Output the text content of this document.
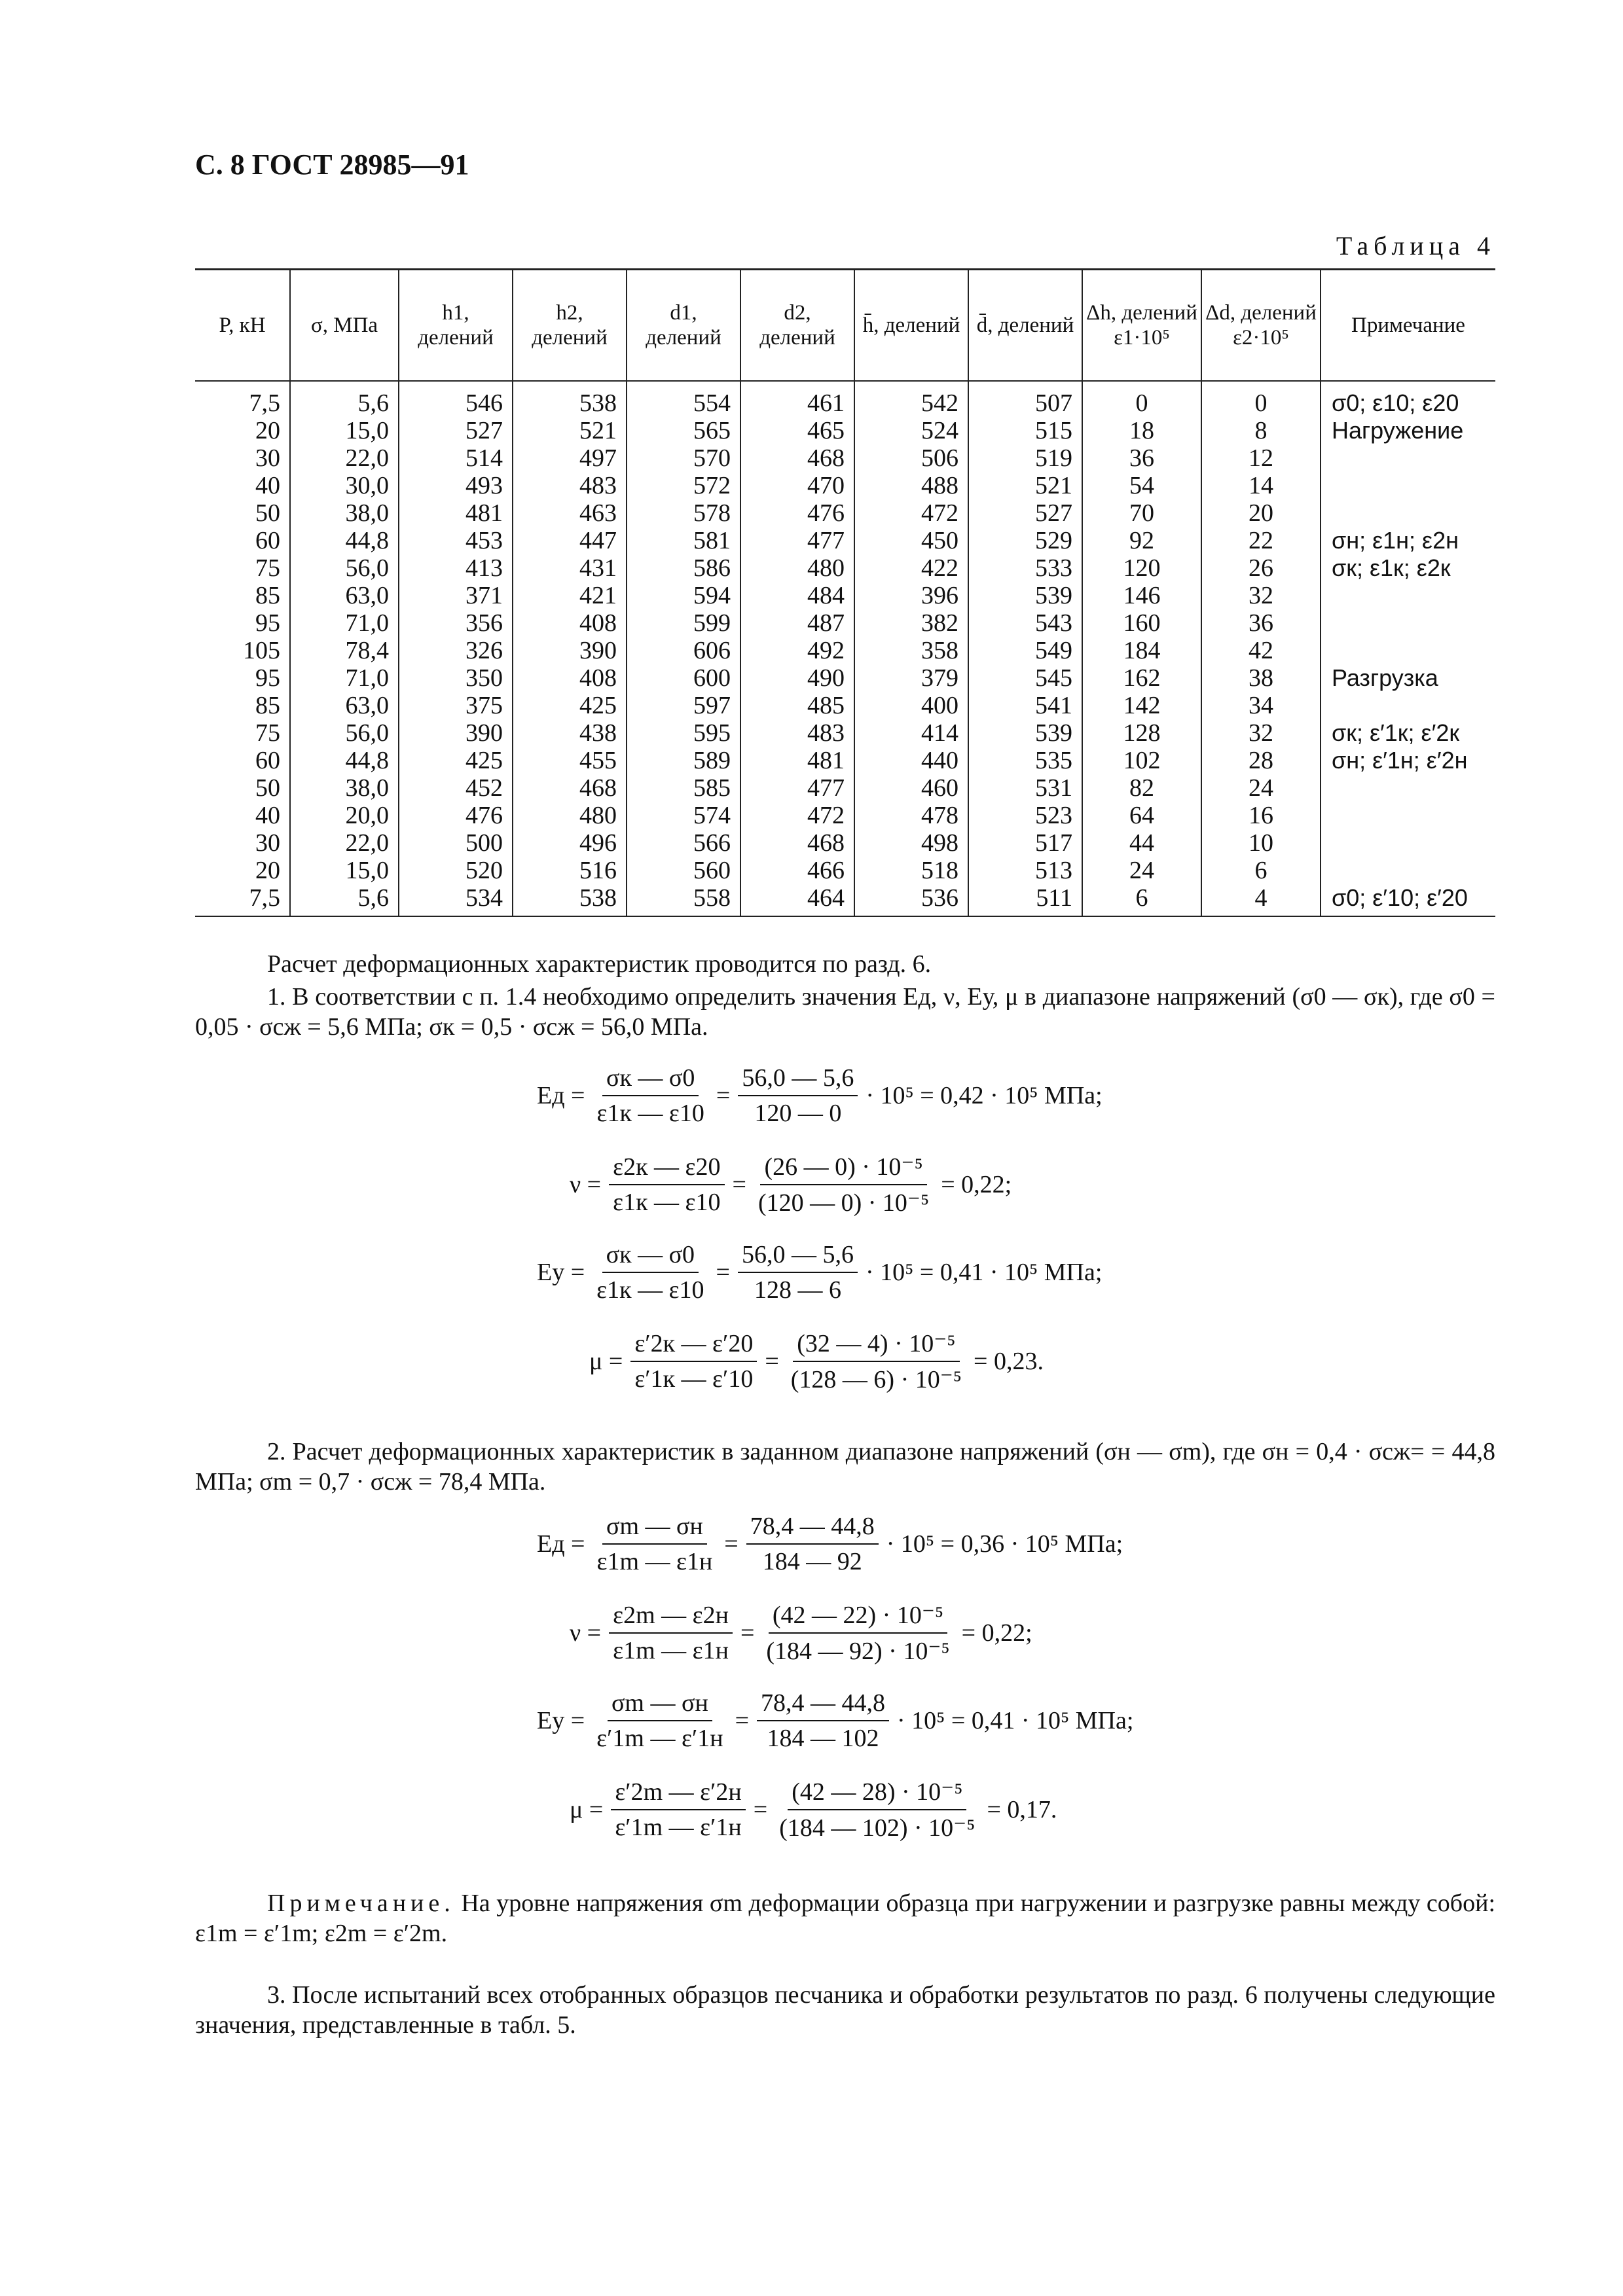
С. 8 ГОСТ 28985—91
Таблица 4
P, кН	σ, МПа	h1, делений	h2, делений	d1, делений	d2, делений	h̄, делений	d̄, делений	Δh, делений ε1·10⁵	Δd, делений ε2·10⁵	Примечание
7,5	5,6	546	538	554	461	542	507	0	0	σ0; ε10; ε20
20	15,0	527	521	565	465	524	515	18	8	Нагружение
30	22,0	514	497	570	468	506	519	36	12	
40	30,0	493	483	572	470	488	521	54	14	
50	38,0	481	463	578	476	472	527	70	20	
60	44,8	453	447	581	477	450	529	92	22	σн; ε1н; ε2н
75	56,0	413	431	586	480	422	533	120	26	σк; ε1к; ε2к
85	63,0	371	421	594	484	396	539	146	32	
95	71,0	356	408	599	487	382	543	160	36	
105	78,4	326	390	606	492	358	549	184	42	
95	71,0	350	408	600	490	379	545	162	38	Разгрузка
85	63,0	375	425	597	485	400	541	142	34	
75	56,0	390	438	595	483	414	539	128	32	σк; ε′1к; ε′2к
60	44,8	425	455	589	481	440	535	102	28	σн; ε′1н; ε′2н
50	38,0	452	468	585	477	460	531	82	24	
40	20,0	476	480	574	472	478	523	64	16	
30	22,0	500	496	566	468	498	517	44	10	
20	15,0	520	516	560	466	518	513	24	6	
7,5	5,6	534	538	558	464	536	511	6	4	σ0; ε′10; ε′20
Расчет деформационных характеристик проводится по разд. 6.
1. В соответствии с п. 1.4 необходимо определить значения Eд, ν, Eу, μ в диапазоне напряжений (σ0 — σк), где σ0 = 0,05 · σсж = 5,6 МПа; σк = 0,5 · σсж = 56,0 МПа.
Eд = $\frac{\sigma к — \sigma 0}{\varepsilon 1к — \varepsilon 10} = \frac{56,0 — 5,6}{120 — 0} \cdot 10^5 = 0,42 \cdot 10^5$ МПа;
$\nu = \frac{\varepsilon 2к — \varepsilon 20}{\varepsilon 1к — \varepsilon 10} = \frac{\text{(26 — 0) · 10⁻⁵}}{\text{(120 — 0) · 10⁻⁵}} = 0,22$;
Eу = $\frac{\sigma к — \sigma 0}{\varepsilon 1к — \varepsilon 10} = \frac{56,0 — 5,6}{128 — 6} \cdot 10^5 = 0,41 \cdot 10^5$ МПа;
$\mu = \frac{\varepsilon'2к — \varepsilon'20}{\varepsilon'1к — \varepsilon'10} = \frac{\text{(32 — 4) · 10⁻⁵}}{\text{(128 — 6) · 10⁻⁵}} = 0,23$.
Eд = $\frac{\sigma m — \sigma н}{\varepsilon 1m — \varepsilon 1н} = \frac{78,4 — 44,8}{184 — 92} \cdot 10^5 = 0,36 \cdot 10^5$ МПа;
$\nu = \frac{\varepsilon 2m — \varepsilon 2н}{\varepsilon 1m — \varepsilon 1н} = \frac{\text{(42 — 22) · 10⁻⁵}}{\text{(184 — 92) · 10⁻⁵}} = 0,22$;
Eу = $\frac{\sigma m — \sigma н}{\varepsilon'1m — \varepsilon'1н} = \frac{78,4 — 44,8}{184 — 102} \cdot 10^5 = 0,41 \cdot 10^5$ МПа;
$\mu = \frac{\varepsilon'2m — \varepsilon'2н}{\varepsilon'1m — \varepsilon'1н} = \frac{\text{(42 — 28) · 10⁻⁵}}{\text{(184 — 102) · 10⁻⁵}} = 0,17$.
2. Расчет деформационных характеристик в заданном диапазоне напряжений (σн — σm), где σн = 0,4 · σсж= = 44,8 МПа; σm = 0,7 · σсж = 78,4 МПа.
Примечание. На уровне напряжения σm деформации образца при нагружении и разгрузке равны между собой: ε1m = ε′1m; ε2m = ε′2m.
3. После испытаний всех отобранных образцов песчаника и обработки результатов по разд. 6 получены следующие значения, представленные в табл. 5.
